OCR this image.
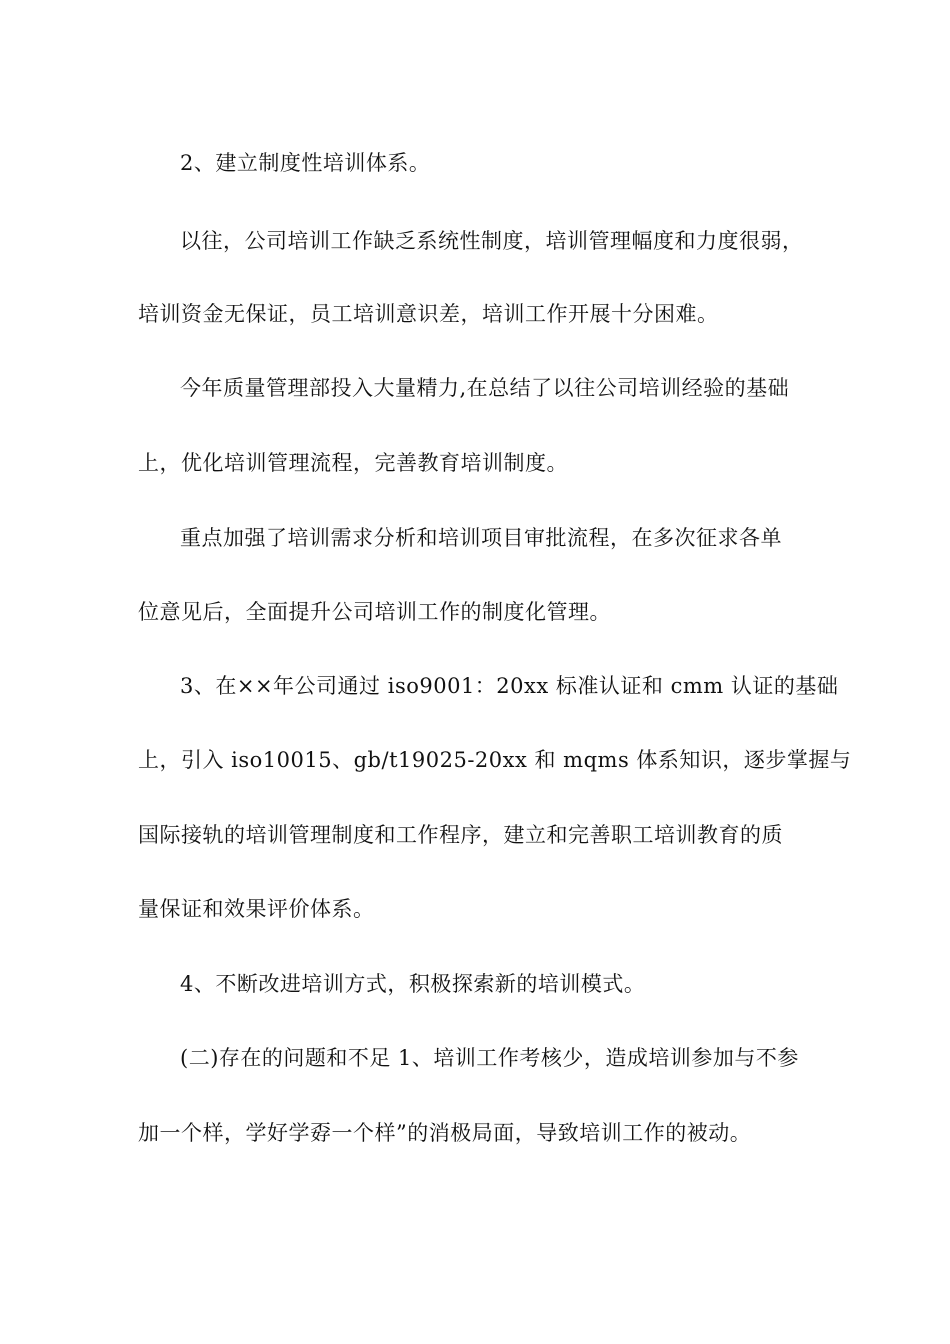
2、建立制度性培训体系。
以往，公司培训工作缺乏系统性制度，培训管理幅度和力度很弱，
培训资金无保证，员工培训意识差，培训工作开展十分困难。
今年质量管理部投入大量精力,在总结了以往公司培训经验的基础
上，优化培训管理流程，完善教育培训制度。
重点加强了培训需求分析和培训项目审批流程，在多次征求各单
位意见后，全面提升公司培训工作的制度化管理。
3、在××年公司通过 iso9001：20xx 标准认证和 cmm 认证的基础
上，引入 iso10015、gb/t19025-20xx 和 mqms 体系知识，逐步掌握与
国际接轨的培训管理制度和工作程序，建立和完善职工培训教育的质
量保证和效果评价体系。
4、不断改进培训方式，积极探索新的培训模式。
(二)存在的问题和不足 1、培训工作考核少，造成培训参加与不参
加一个样，学好学孬一个样”的消极局面，导致培训工作的被动。
